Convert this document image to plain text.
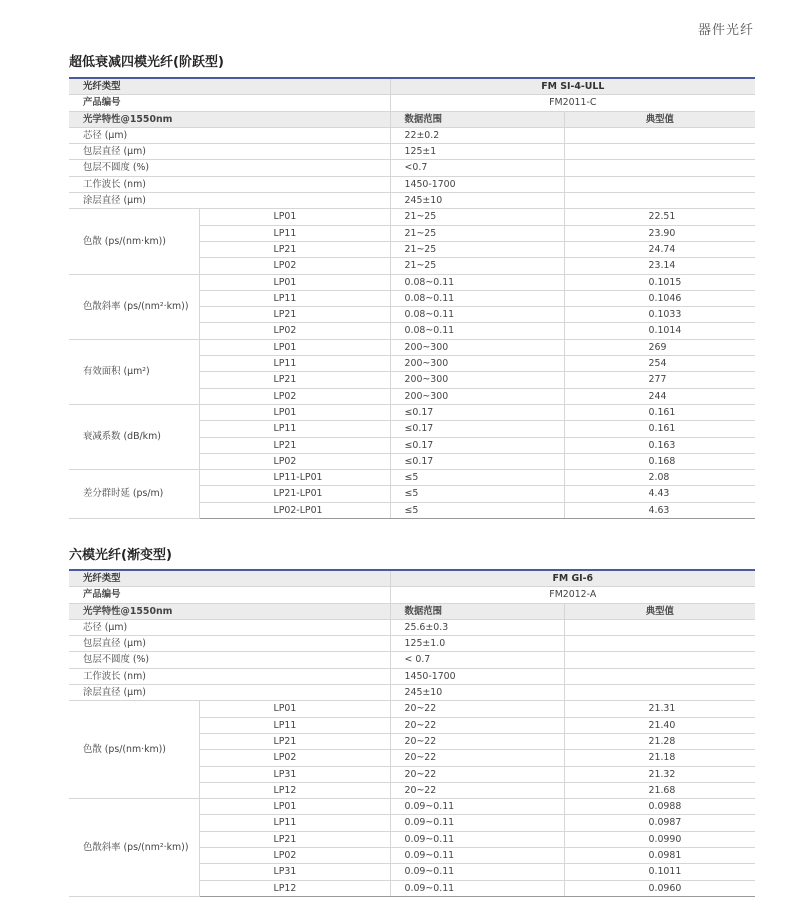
器件光纤
超低衰减四模光纤(阶跃型)
光纤类型		FM SI-4-ULL	
产品编号		FM2011-C	
光学特性@1550nm		数据范围	典型值
芯径 (μm)		22±0.2	
包层直径 (μm)		125±1	
包层不圆度 (%)		<0.7	
工作波长 (nm)		1450-1700	
涂层直径 (μm)		245±10	
色散 (ps/(nm·km))	LP01	21~25	22.51
	LP11	21~25	23.90
	LP21	21~25	24.74
	LP02	21~25	23.14
色散斜率 (ps/(nm²·km))	LP01	0.08~0.11	0.1015
	LP11	0.08~0.11	0.1046
	LP21	0.08~0.11	0.1033
	LP02	0.08~0.11	0.1014
有效面积 (μm²)	LP01	200~300	269
	LP11	200~300	254
	LP21	200~300	277
	LP02	200~300	244
衰减系数 (dB/km)	LP01	≤0.17	0.161
	LP11	≤0.17	0.161
	LP21	≤0.17	0.163
	LP02	≤0.17	0.168
差分群时延 (ps/m)	LP11-LP01	≤5	2.08
	LP21-LP01	≤5	4.43
	LP02-LP01	≤5	4.63
六模光纤(渐变型)
光纤类型		FM GI-6	
产品编号		FM2012-A	
光学特性@1550nm		数据范围	典型值
芯径 (μm)		25.6±0.3	
包层直径 (μm)		125±1.0	
包层不圆度 (%)		< 0.7	
工作波长 (nm)		1450-1700	
涂层直径 (μm)		245±10	
色散 (ps/(nm·km))	LP01	20~22	21.31
	LP11	20~22	21.40
	LP21	20~22	21.28
	LP02	20~22	21.18
	LP31	20~22	21.32
	LP12	20~22	21.68
色散斜率 (ps/(nm²·km))	LP01	0.09~0.11	0.0988
	LP11	0.09~0.11	0.0987
	LP21	0.09~0.11	0.0990
	LP02	0.09~0.11	0.0981
	LP31	0.09~0.11	0.1011
	LP12	0.09~0.11	0.0960
